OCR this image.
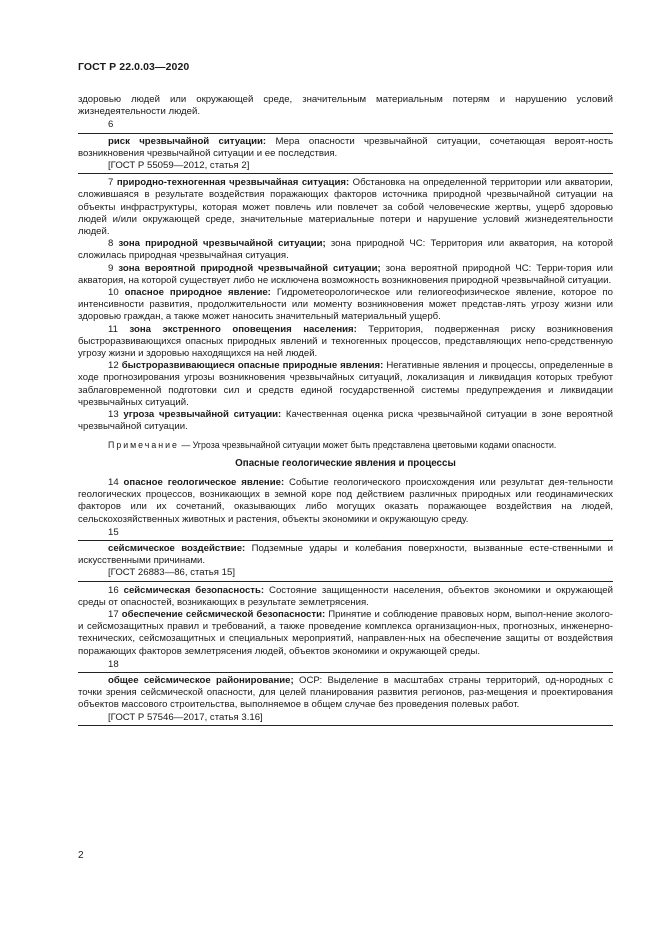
ГОСТ Р 22.0.03—2020

здоровью людей или окружающей среде, значительным материальным потерям и нарушению условий жизнедеятельности людей.

6

риск чрезвычайной ситуации: Мера опасности чрезвычайной ситуации, сочетающая вероят-ность возникновения чрезвычайной ситуации и ее последствия.

[ГОСТ Р 55059—2012, статья 2]

7 природно-техногенная чрезвычайная ситуация: Обстановка на определенной территории или акватории, сложившаяся в результате воздействия поражающих факторов источника природной чрезвычайной ситуации на объекты инфраструктуры, которая может повлечь или повлечет за собой человеческие жертвы, ущерб здоровью людей и/или окружающей среде, значительные материальные потери и нарушение условий жизнедеятельности людей.

8 зона природной чрезвычайной ситуации; зона природной ЧС: Территория или акватория, на которой сложилась природная чрезвычайная ситуация.

9 зона вероятной природной чрезвычайной ситуации; зона вероятной природной ЧС: Терри-тория или акватория, на которой существует либо не исключена возможность возникновения природной чрезвычайной ситуации.

10 опасное природное явление: Гидрометеорологическое или гелиогеофизическое явление, которое по интенсивности развития, продолжительности или моменту возникновения может представ-лять угрозу жизни или здоровью граждан, а также может наносить значительный материальный ущерб.

11 зона экстренного оповещения населения: Территория, подверженная риску возникновения быстроразвивающихся опасных природных явлений и техногенных процессов, представляющих непо-средственную угрозу жизни и здоровью находящихся на ней людей.

12 быстроразвивающиеся опасные природные явления: Негативные явления и процессы, определенные в ходе прогнозирования угрозы возникновения чрезвычайных ситуаций, локализация и ликвидация которых требуют заблаговременной подготовки сил и средств единой государственной системы предупреждения и ликвидации чрезвычайных ситуаций.

13 угроза чрезвычайной ситуации: Качественная оценка риска чрезвычайной ситуации в зоне вероятной чрезвычайной ситуации.

Примечание — Угроза чрезвычайной ситуации может быть представлена цветовыми кодами опасности.

Опасные геологические явления и процессы

14 опасное геологическое явление: Событие геологического происхождения или результат дея-тельности геологических процессов, возникающих в земной коре под действием различных природных или геодинамических факторов или их сочетаний, оказывающих либо могущих оказать поражающее воздействия на людей, сельскохозяйственных животных и растения, объекты экономики и окружающую среду.

15

сейсмическое воздействие: Подземные удары и колебания поверхности, вызванные есте-ственными и искусственными причинами.

[ГОСТ 26883—86, статья 15]

16 сейсмическая безопасность: Состояние защищенности населения, объектов экономики и окружающей среды от опасностей, возникающих в результате землетрясения.

17 обеспечение сейсмической безопасности: Принятие и соблюдение правовых норм, выпол-нение эколого- и сейсмозащитных правил и требований, а также проведение комплекса организацион-ных, прогнозных, инженерно-технических, сейсмозащитных и специальных мероприятий, направлен-ных на обеспечение защиты от воздействия поражающих факторов землетрясения людей, объектов экономики и окружающей среды.

18

общее сейсмическое районирование; ОСР: Выделение в масштабах страны территорий, од-нородных с точки зрения сейсмической опасности, для целей планирования развития регионов, раз-мещения и проектирования объектов массового строительства, выполняемое в общем случае без проведения полевых работ.

[ГОСТ Р 57546—2017, статья 3.16]
2
